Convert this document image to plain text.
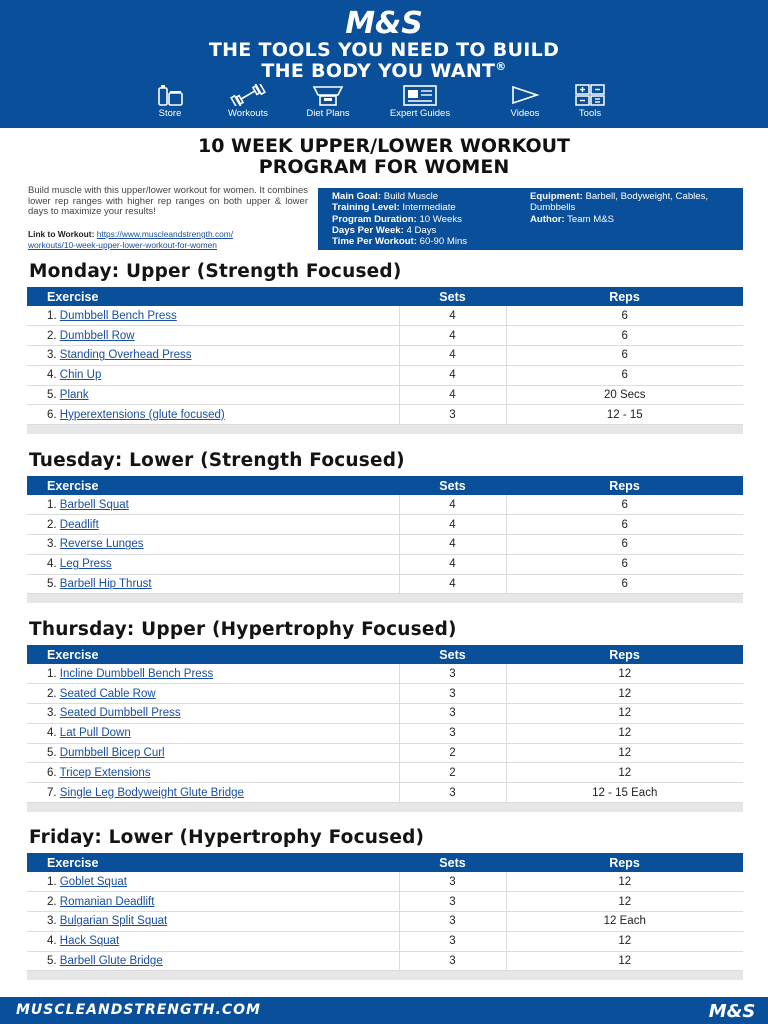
M&S
THE TOOLS YOU NEED TO BUILD
THE BODY YOU WANT®
Store	Workouts	Diet Plans	Expert Guides	Videos	Tools
10 WEEK UPPER/LOWER WORKOUT
PROGRAM FOR WOMEN
Build muscle with this upper/lower workout for women. It combines lower rep ranges with higher rep ranges on both upper & lower days to maximize your results!
Link to Workout: https://www.muscleandstrength.com/
workouts/10-week-upper-lower-workout-for-women
Main Goal: Build Muscle
Training Level: Intermediate
Program Duration: 10 Weeks
Days Per Week: 4 Days
Time Per Workout: 60-90 Mins
Equipment: Barbell, Bodyweight, Cables, Dumbbells
Author: Team M&S
Monday: Upper (Strength Focused)
Exercise	Sets	Reps
1. Dumbbell Bench Press	4	6
2. Dumbbell Row	4	6
3. Standing Overhead Press	4	6
4. Chin Up	4	6
5. Plank	4	20 Secs
6. Hyperextensions (glute focused)	3	12 - 15

Tuesday: Lower (Strength Focused)
Exercise	Sets	Reps
1. Barbell Squat	4	6
2. Deadlift	4	6
3. Reverse Lunges	4	6
4. Leg Press	4	6
5. Barbell Hip Thrust	4	6

Thursday: Upper (Hypertrophy Focused)
Exercise	Sets	Reps
1. Incline Dumbbell Bench Press	3	12
2. Seated Cable Row	3	12
3. Seated Dumbbell Press	3	12
4. Lat Pull Down	3	12
5. Dumbbell Bicep Curl	2	12
6. Tricep Extensions	2	12
7. Single Leg Bodyweight Glute Bridge	3	12 - 15 Each

Friday: Lower (Hypertrophy Focused)
Exercise	Sets	Reps
1. Goblet Squat	3	12
2. Romanian Deadlift	3	12
3. Bulgarian Split Squat	3	12 Each
4. Hack Squat	3	12
5. Barbell Glute Bridge	3	12

MUSCLEANDSTRENGTH.COM	M&S
